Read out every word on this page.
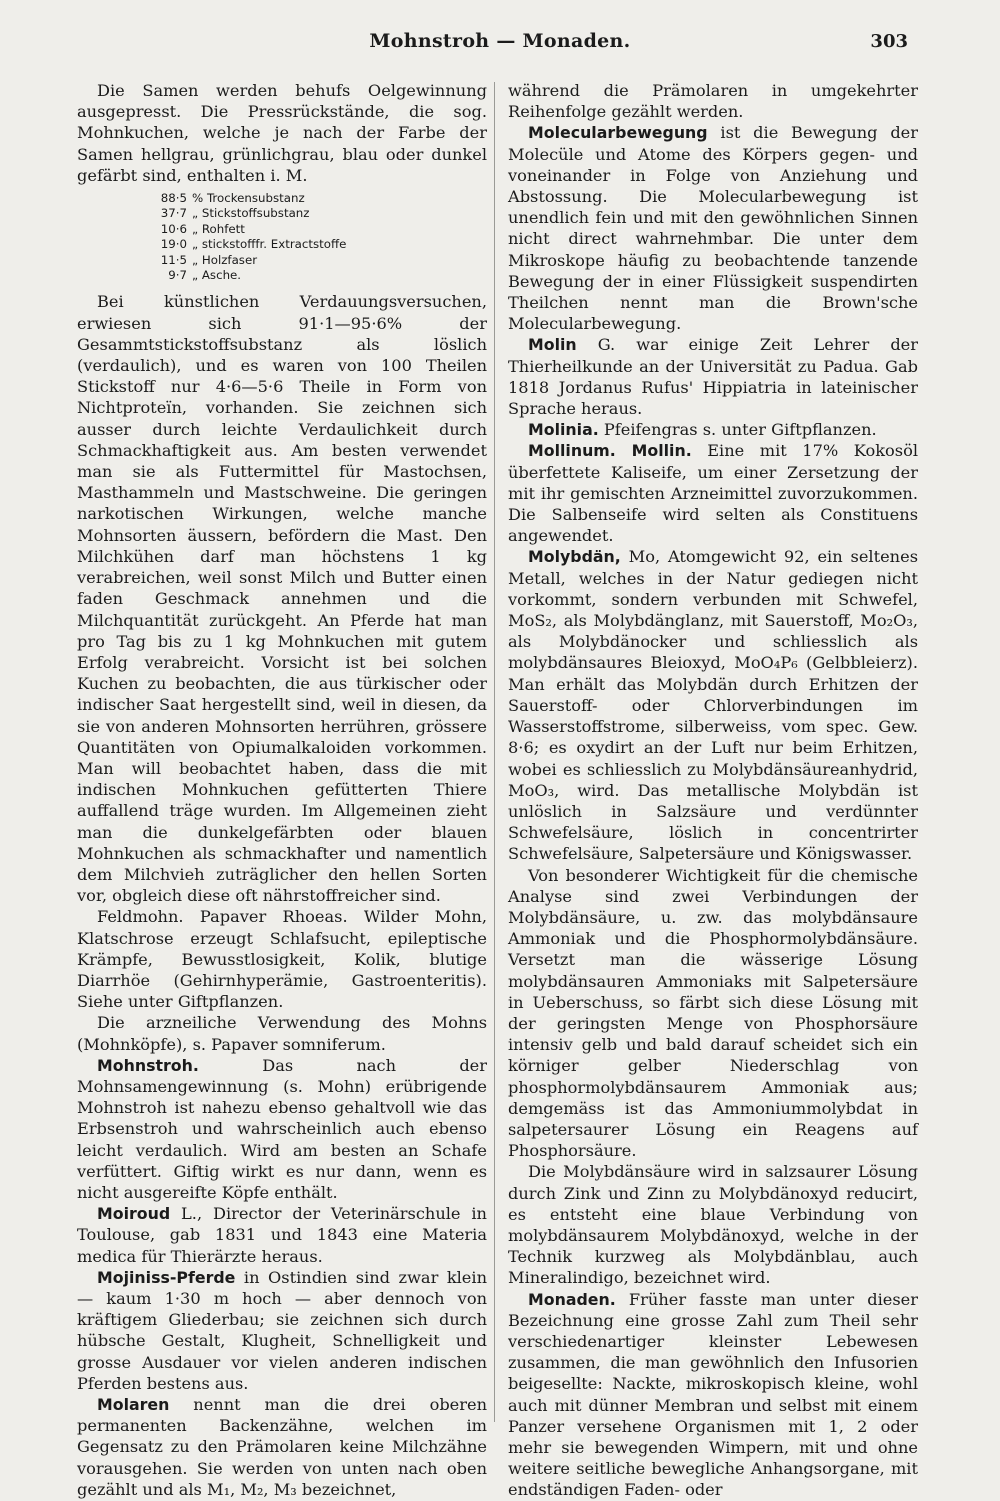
Mohnstroh — Monaden.	303

Die Samen werden behufs Oelgewinnung ausgepresst. Die Pressrückstände, die sog. Mohnkuchen, welche je nach der Farbe der Samen hellgrau, grünlichgrau, blau oder dunkel gefärbt sind, enthalten i. M.

88·5 % Trockensubstanz
37·7 „ Stickstoffsubstanz
10·6 „ Rohfett
19·0 „ stickstofffr. Extractstoffe
11·5 „ Holzfaser
9·7 „ Asche.

Bei künstlichen Verdauungsversuchen, erwiesen sich 91·1—95·6% der Gesammtstickstoffsubstanz als löslich (verdaulich), und es waren von 100 Theilen Stickstoff nur 4·6—5·6 Theile in Form von Nichtproteïn, vorhanden. Sie zeichnen sich ausser durch leichte Verdaulichkeit durch Schmackhaftigkeit aus. Am besten verwendet man sie als Futtermittel für Mastochsen, Masthammeln und Mastschweine. Die geringen narkotischen Wirkungen, welche manche Mohnsorten äussern, befördern die Mast. Den Milchkühen darf man höchstens 1 kg verabreichen, weil sonst Milch und Butter einen faden Geschmack annehmen und die Milchquantität zurückgeht. An Pferde hat man pro Tag bis zu 1 kg Mohnkuchen mit gutem Erfolg verabreicht. Vorsicht ist bei solchen Kuchen zu beobachten, die aus türkischer oder indischer Saat hergestellt sind, weil in diesen, da sie von anderen Mohnsorten herrühren, grössere Quantitäten von Opiumalkaloiden vorkommen. Man will beobachtet haben, dass die mit indischen Mohnkuchen gefütterten Thiere auffallend träge wurden. Im Allgemeinen zieht man die dunkelgefärbten oder blauen Mohnkuchen als schmackhafter und namentlich dem Milchvieh zuträglicher den hellen Sorten vor, obgleich diese oft nährstoffreicher sind.

Feldmohn. Papaver Rhoeas. Wilder Mohn, Klatschrose erzeugt Schlafsucht, epileptische Krämpfe, Bewusstlosigkeit, Kolik, blutige Diarrhöe (Gehirnhyperämie, Gastroenteritis). Siehe unter Giftpflanzen.

Die arzneiliche Verwendung des Mohns (Mohnköpfe), s. Papaver somniferum.

Mohnstroh. Das nach der Mohnsamengewinnung (s. Mohn) erübrigende Mohnstroh ist nahezu ebenso gehaltvoll wie das Erbsenstroh und wahrscheinlich auch ebenso leicht verdaulich. Wird am besten an Schafe verfüttert. Giftig wirkt es nur dann, wenn es nicht ausgereifte Köpfe enthält.

Moiroud L., Director der Veterinärschule in Toulouse, gab 1831 und 1843 eine Materia medica für Thierärzte heraus.

Mojiniss-Pferde in Ostindien sind zwar klein — kaum 1·30 m hoch — aber dennoch von kräftigem Gliederbau; sie zeichnen sich durch hübsche Gestalt, Klugheit, Schnelligkeit und grosse Ausdauer vor vielen anderen indischen Pferden bestens aus.

Molaren nennt man die drei oberen permanenten Backenzähne, welchen im Gegensatz zu den Prämolaren keine Milchzähne vorausgehen. Sie werden von unten nach oben gezählt und als M₁, M₂, M₃ bezeichnet,

während die Prämolaren in umgekehrter Reihenfolge gezählt werden.

Molecularbewegung ist die Bewegung der Molecüle und Atome des Körpers gegen- und voneinander in Folge von Anziehung und Abstossung. Die Molecularbewegung ist unendlich fein und mit den gewöhnlichen Sinnen nicht direct wahrnehmbar. Die unter dem Mikroskope häufig zu beobachtende tanzende Bewegung der in einer Flüssigkeit suspendirten Theilchen nennt man die Brown'sche Molecularbewegung.

Molin G. war einige Zeit Lehrer der Thierheilkunde an der Universität zu Padua. Gab 1818 Jordanus Rufus' Hippiatria in lateinischer Sprache heraus.

Molinia. Pfeifengras s. unter Giftpflanzen.

Mollinum. Mollin. Eine mit 17% Kokosöl überfettete Kaliseife, um einer Zersetzung der mit ihr gemischten Arzneimittel zuvorzukommen. Die Salbenseife wird selten als Constituens angewendet.

Molybdän, Mo, Atomgewicht 92, ein seltenes Metall, welches in der Natur gediegen nicht vorkommt, sondern verbunden mit Schwefel, MoS₂, als Molybdänglanz, mit Sauerstoff, Mo₂O₃, als Molybdänocker und schliesslich als molybdänsaures Bleioxyd, MoO₄P₆ (Gelbbleierz). Man erhält das Molybdän durch Erhitzen der Sauerstoff- oder Chlorverbindungen im Wasserstoffstrome, silberweiss, vom spec. Gew. 8·6; es oxydirt an der Luft nur beim Erhitzen, wobei es schliesslich zu Molybdänsäureanhydrid, MoO₃, wird. Das metallische Molybdän ist unlöslich in Salzsäure und verdünnter Schwefelsäure, löslich in concentrirter Schwefelsäure, Salpetersäure und Königswasser.

Von besonderer Wichtigkeit für die chemische Analyse sind zwei Verbindungen der Molybdänsäure, u. zw. das molybdänsaure Ammoniak und die Phosphormolybdänsäure. Versetzt man die wässerige Lösung molybdänsauren Ammoniaks mit Salpetersäure in Ueberschuss, so färbt sich diese Lösung mit der geringsten Menge von Phosphorsäure intensiv gelb und bald darauf scheidet sich ein körniger gelber Niederschlag von phosphormolybdänsaurem Ammoniak aus; demgemäss ist das Ammoniummolybdat in salpetersaurer Lösung ein Reagens auf Phosphorsäure.

Die Molybdänsäure wird in salzsaurer Lösung durch Zink und Zinn zu Molybdänoxyd reducirt, es entsteht eine blaue Verbindung von molybdänsaurem Molybdänoxyd, welche in der Technik kurzweg als Molybdänblau, auch Mineralindigo, bezeichnet wird.

Monaden. Früher fasste man unter dieser Bezeichnung eine grosse Zahl zum Theil sehr verschiedenartiger kleinster Lebewesen zusammen, die man gewöhnlich den Infusorien beigesellte: Nackte, mikroskopisch kleine, wohl auch mit dünner Membran und selbst mit einem Panzer versehene Organismen mit 1, 2 oder mehr sie bewegenden Wimpern, mit und ohne weitere seitliche bewegliche Anhangsorgane, mit endständigen Faden- oder
